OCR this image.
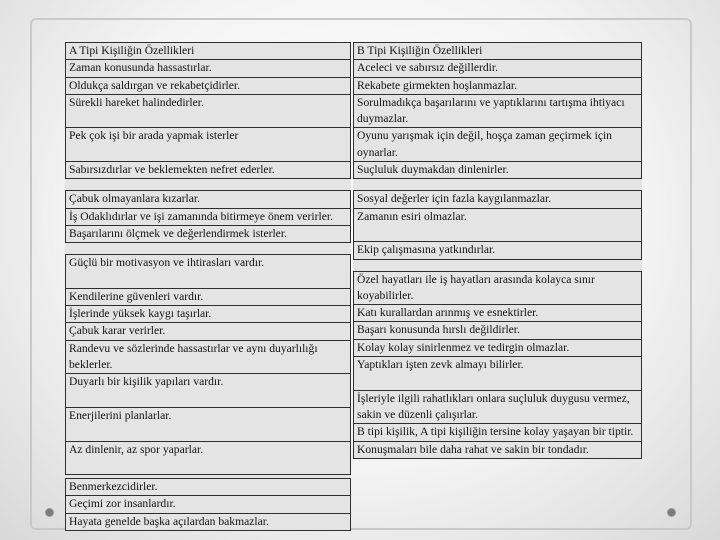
A Tipi Kişiliğin Özellikleri
Zaman konusunda hassastırlar.
Oldukça saldırgan ve rekabetçidirler.
Sürekli hareket halindedirler.
Pek çok işi bir arada yapmak isterler
Sabırsızdırlar ve beklemekten nefret ederler.
Çabuk olmayanlara kızarlar.
İş Odaklıdırlar ve işi zamanında bitirmeye önem verirler.
Başarılarını ölçmek ve değerlendirmek isterler.
Güçlü bir motivasyon ve ihtirasları vardır.
Kendilerine güvenleri vardır.
İşlerinde yüksek kaygı taşırlar.
Çabuk karar verirler.
Randevu ve sözlerinde hassastırlar ve aynı duyarlılığı beklerler.
Duyarlı bir kişilik yapıları vardır.
Enerjilerini planlarlar.
Az dinlenir, az spor yaparlar.
Benmerkezcidirler.
Geçimi zor insanlardır.
Hayata genelde başka açılardan bakmazlar.
B Tipi Kişiliğin Özellikleri
Aceleci ve sabırsız değillerdir.
Rekabete girmekten hoşlanmazlar.
Sorulmadıkça başarılarını ve yaptıklarını tartışma ihtiyacı duymazlar.
Oyunu yarışmak için değil, hoşça zaman geçirmek için oynarlar.
Suçluluk duymakdan dinlenirler.
Sosyal değerler için fazla kaygılanmazlar.
Zamanın esiri olmazlar.
Ekip çalışmasına yatkındırlar.
Özel hayatları ile iş hayatları arasında kolayca sınır koyabilirler.
Katı kurallardan arınmış ve esnektirler.
Başarı konusunda hırslı değildirler.
Kolay kolay sinirlenmez ve tedirgin olmazlar.
Yaptıkları işten zevk almayı bilirler.
İşleriyle ilgili rahatlıkları onlara suçluluk duygusu vermez, sakin ve düzenli çalışırlar.
B tipi kişilik, A tipi kişiliğin tersine kolay yaşayan bir tiptir.
Konuşmaları bile daha rahat ve sakin bir tondadır.
